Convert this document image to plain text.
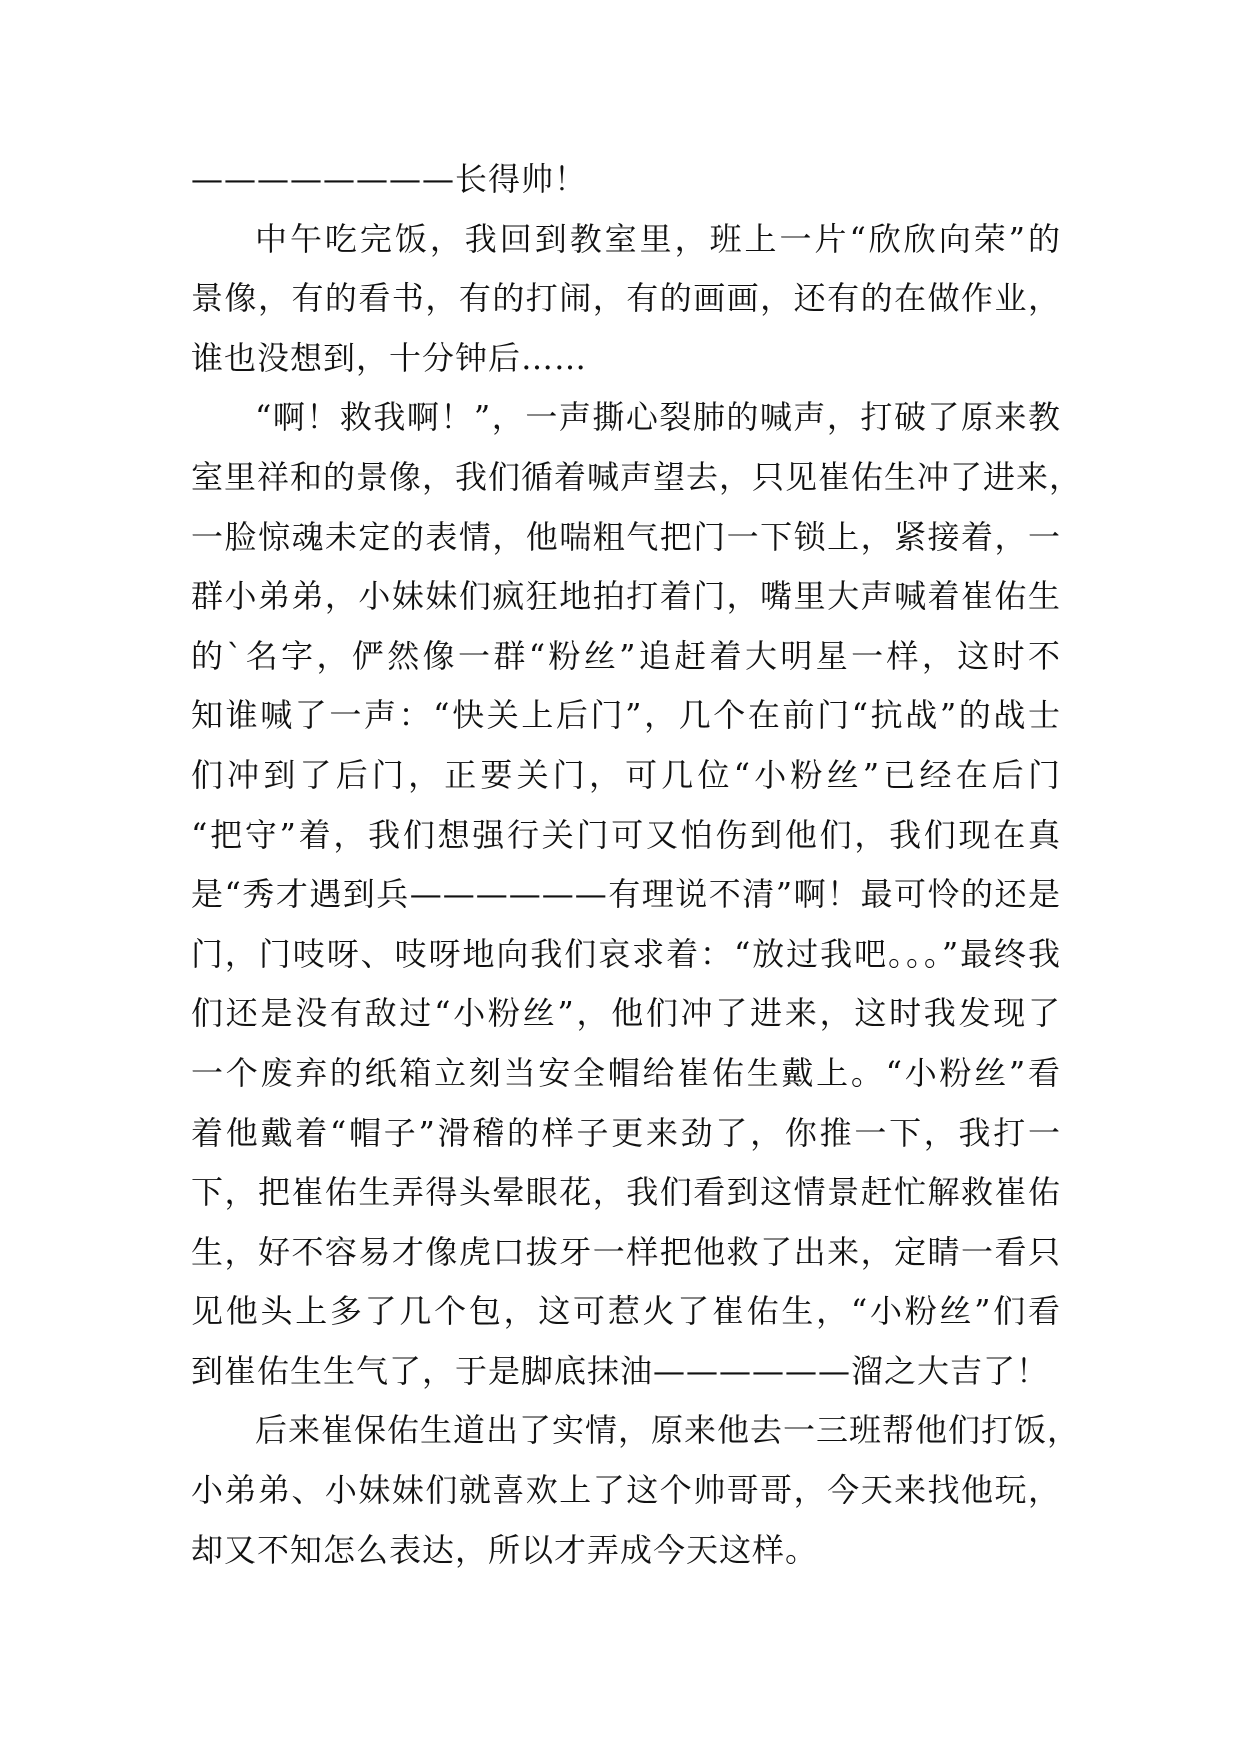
————————长得帅！
中午吃完饭，我回到教室里，班上一片“欣欣向荣”的
景像，有的看书，有的打闹，有的画画，还有的在做作业，
谁也没想到，十分钟后……
“啊！救我啊！”，一声撕心裂肺的喊声，打破了原来教
室里祥和的景像，我们循着喊声望去，只见崔佑生冲了进来，
一脸惊魂未定的表情，他喘粗气把门一下锁上，紧接着，一
群小弟弟，小妹妹们疯狂地拍打着门，嘴里大声喊着崔佑生
的`名字，俨然像一群“粉丝”追赶着大明星一样，这时不
知谁喊了一声：“快关上后门”，几个在前门“抗战”的战士
们冲到了后门，正要关门，可几位“小粉丝”已经在后门
“把守”着，我们想强行关门可又怕伤到他们，我们现在真
是“秀才遇到兵——————有理说不清”啊！最可怜的还是
门，门吱呀、吱呀地向我们哀求着：“放过我吧。。。”最终我
们还是没有敌过“小粉丝”，他们冲了进来，这时我发现了
一个废弃的纸箱立刻当安全帽给崔佑生戴上。“小粉丝”看
着他戴着“帽子”滑稽的样子更来劲了，你推一下，我打一
下，把崔佑生弄得头晕眼花，我们看到这情景赶忙解救崔佑
生，好不容易才像虎口拔牙一样把他救了出来，定睛一看只
见他头上多了几个包，这可惹火了崔佑生，“小粉丝”们看
到崔佑生生气了，于是脚底抹油——————溜之大吉了！
后来崔保佑生道出了实情，原来他去一三班帮他们打饭，
小弟弟、小妹妹们就喜欢上了这个帅哥哥，今天来找他玩，
却又不知怎么表达，所以才弄成今天这样。
